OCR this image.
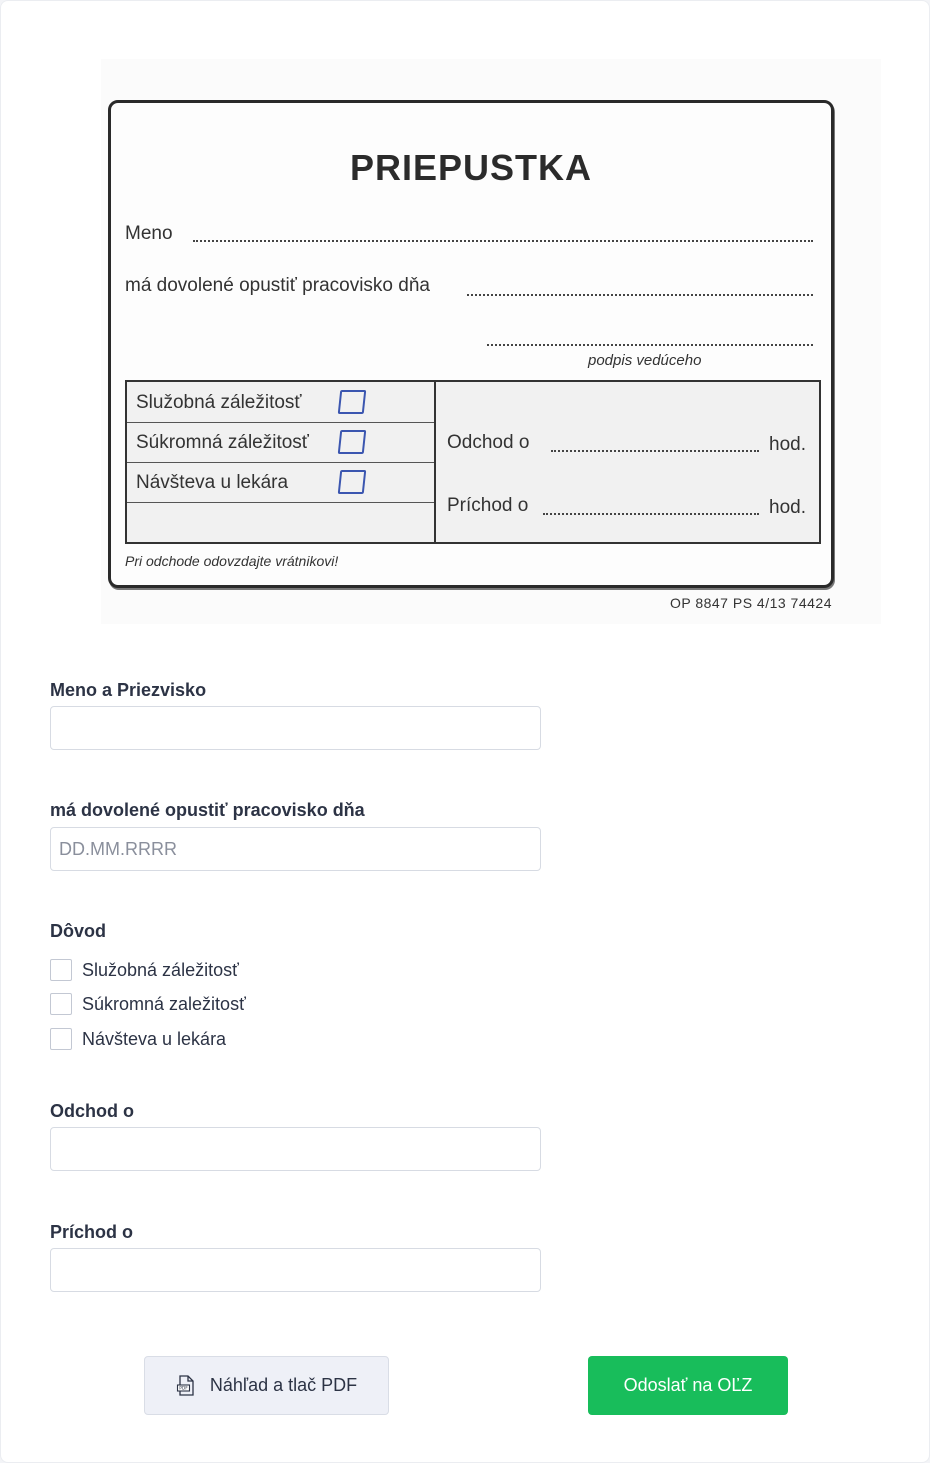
PRIEPUSTKA
Meno
má dovolené opustiť pracovisko dňa
podpis vedúceho
Služobná záležitosť
Súkromná záležitosť
Návšteva u lekára
Odchod o	hod.
Príchod o	hod.
Pri odchode odovzdajte vrátnikovi!
OP 8847 PS 4/13 74424
Meno a Priezvisko
má dovolené opustiť pracovisko dňa
DD.MM.RRRR
Dôvod
Služobná záležitosť
Súkromná zaležitosť
Návšteva u lekára
Odchod o
Príchod o
PDF Náhľad a tlač PDF	Odoslať na OĽZ
